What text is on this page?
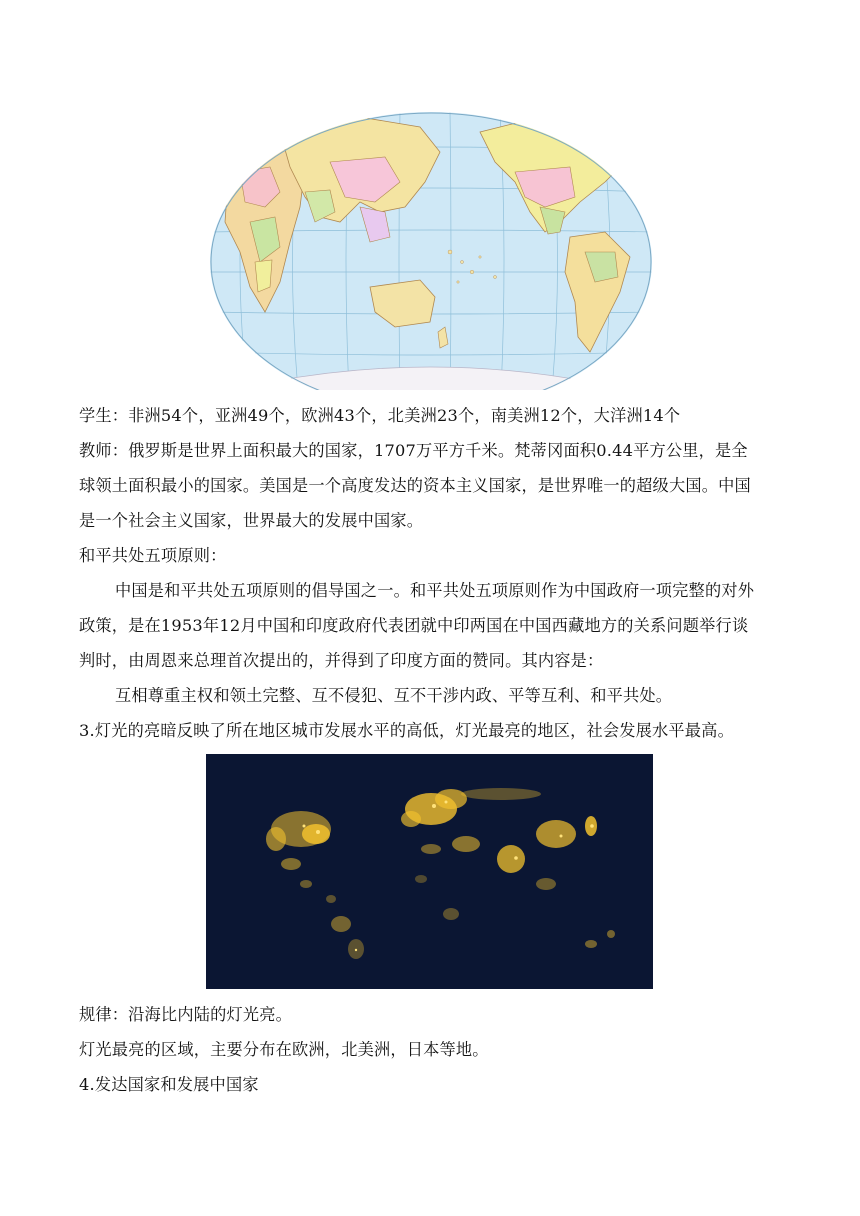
学生：非洲54个，亚洲49个，欧洲43个，北美洲23个，南美洲12个，大洋洲14个
教师：俄罗斯是世界上面积最大的国家，1707万平方千米。梵蒂冈面积0.44平方公里，是全
球领土面积最小的国家。美国是一个高度发达的资本主义国家，是世界唯一的超级大国。中国
是一个社会主义国家，世界最大的发展中国家。
和平共处五项原则：
中国是和平共处五项原则的倡导国之一。和平共处五项原则作为中国政府一项完整的对外
政策，是在1953年12月中国和印度政府代表团就中印两国在中国西藏地方的关系问题举行谈
判时，由周恩来总理首次提出的，并得到了印度方面的赞同。其内容是：
互相尊重主权和领土完整、互不侵犯、互不干涉内政、平等互利、和平共处。
3.灯光的亮暗反映了所在地区城市发展水平的高低，灯光最亮的地区，社会发展水平最高。
规律：沿海比内陆的灯光亮。
灯光最亮的区域，主要分布在欧洲，北美洲，日本等地。
4.发达国家和发展中国家
